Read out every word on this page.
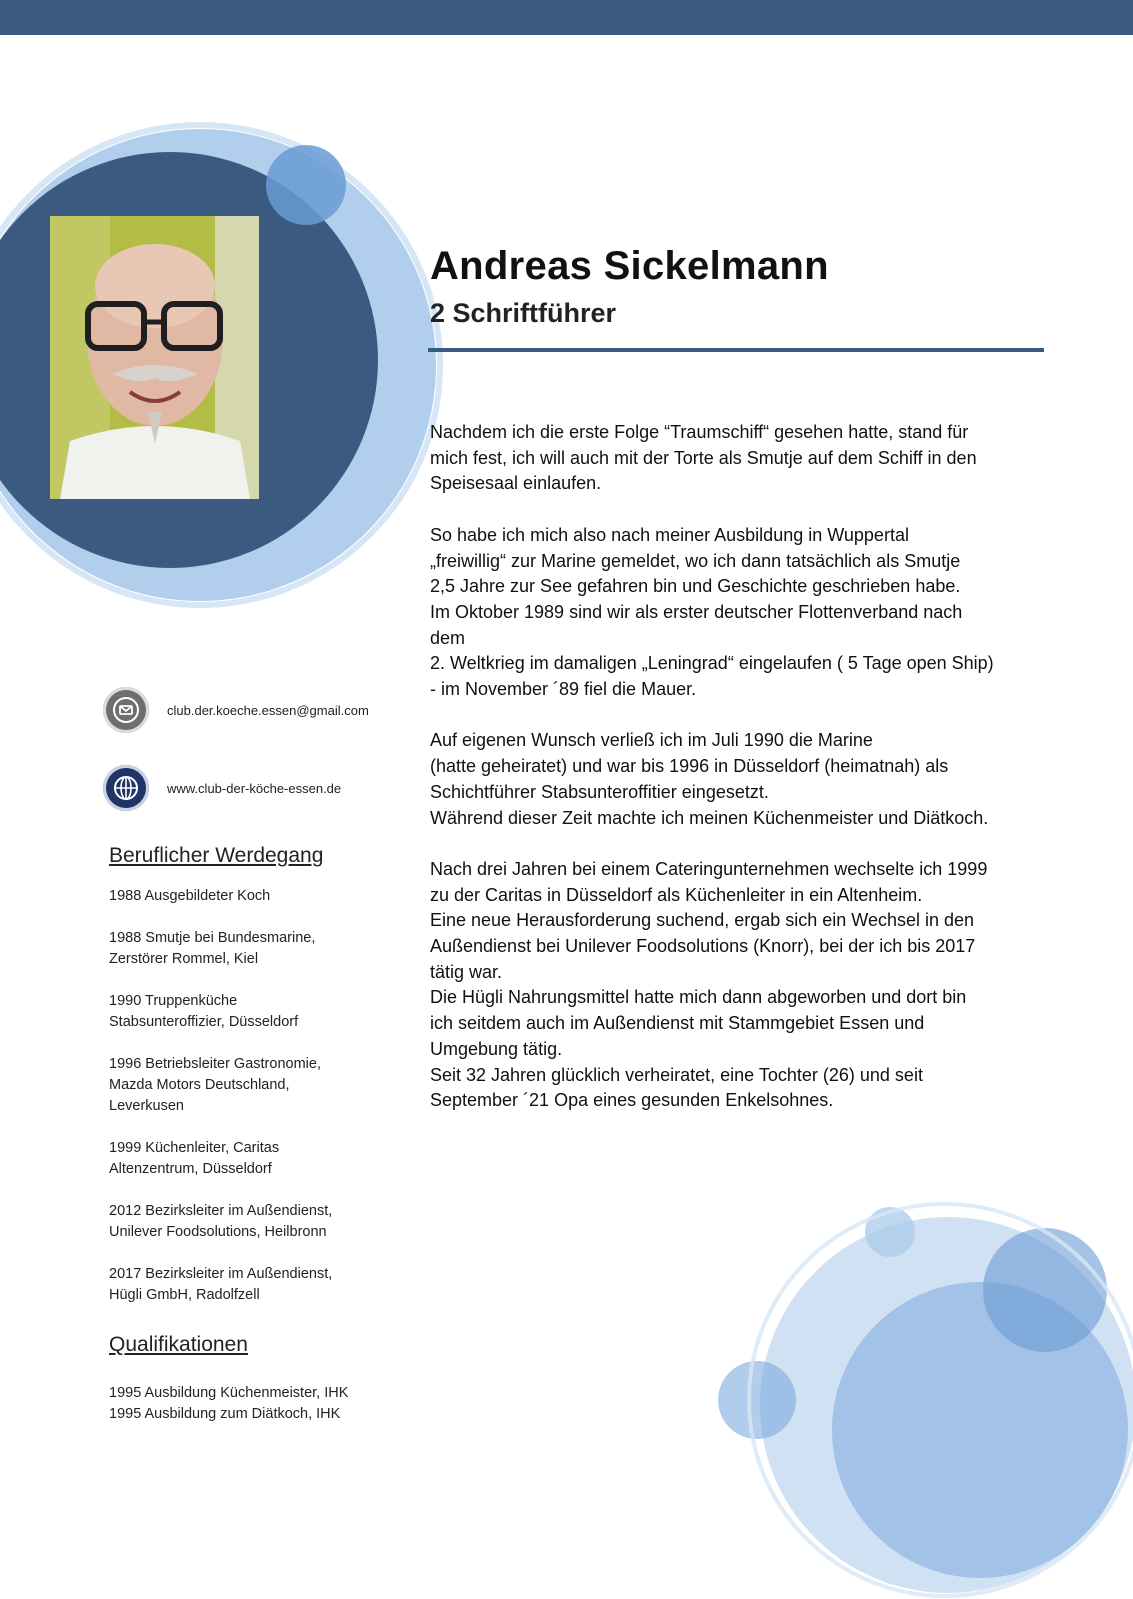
Andreas Sickelmann
2 Schriftführer

Nachdem ich die erste Folge “Traumschiff“ gesehen hatte, stand für
mich fest, ich will auch mit der Torte als Smutje auf dem Schiff in den
Speisesaal einlaufen.

So habe ich mich also nach meiner Ausbildung in Wuppertal
„freiwillig“ zur Marine gemeldet, wo ich dann tatsächlich als Smutje
2,5 Jahre zur See gefahren bin und Geschichte geschrieben habe.
Im Oktober 1989 sind wir als erster deutscher Flottenverband nach
dem
2. Weltkrieg im damaligen „Leningrad“ eingelaufen ( 5 Tage open Ship)
- im November ´89 fiel die Mauer.

Auf eigenen Wunsch verließ ich im Juli 1990 die Marine
(hatte geheiratet) und war bis 1996 in Düsseldorf (heimatnah) als
Schichtführer Stabsunteroffitier eingesetzt.
Während dieser Zeit machte ich meinen Küchenmeister und Diätkoch.

Nach drei Jahren bei einem Cateringunternehmen wechselte ich 1999
zu der Caritas in Düsseldorf als Küchenleiter in ein Altenheim.
Eine neue Herausforderung suchend, ergab sich ein Wechsel in den
Außendienst bei Unilever Foodsolutions (Knorr), bei der ich bis 2017
tätig war.
Die Hügli Nahrungsmittel hatte mich dann abgeworben und dort bin
ich seitdem auch im Außendienst mit Stammgebiet Essen und
Umgebung tätig.
Seit 32 Jahren glücklich verheiratet, eine Tochter (26) und seit
September ´21 Opa eines gesunden Enkelsohnes.

club.der.koeche.essen@gmail.com
www.club-der-köche-essen.de
Beruflicher Werdegang
1988 Ausgebildeter Koch
1988 Smutje bei Bundesmarine,
Zerstörer Rommel, Kiel
1990 Truppenküche
Stabsunteroffizier, Düsseldorf
1996 Betriebsleiter Gastronomie,
Mazda Motors Deutschland,
Leverkusen
1999 Küchenleiter, Caritas
Altenzentrum, Düsseldorf
2012 Bezirksleiter im Außendienst,
Unilever Foodsolutions, Heilbronn
2017 Bezirksleiter im Außendienst,
Hügli GmbH, Radolfzell
Qualifikationen
1995 Ausbildung Küchenmeister, IHK
1995 Ausbildung zum Diätkoch, IHK
